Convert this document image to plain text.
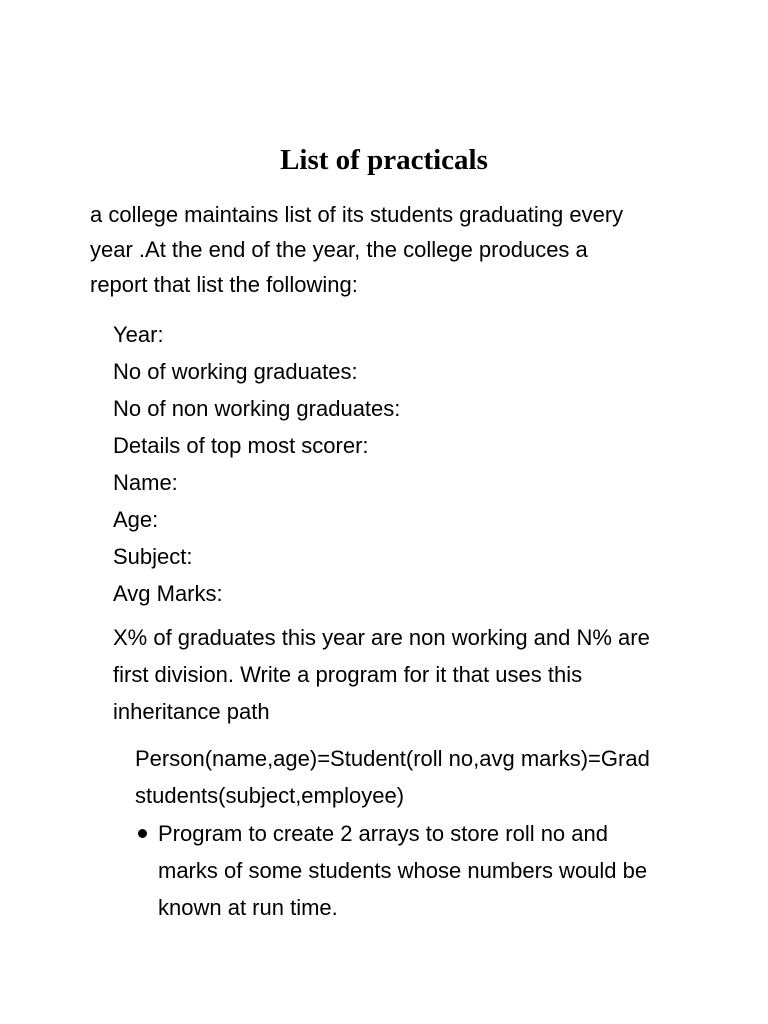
List of practicals

a college maintains list of its students graduating every
year .At the end of the year, the college produces a
report that list the following:

Year:
No of working graduates:
No of non working graduates:
Details of top most scorer:
Name:
Age:
Subject:
Avg Marks:

X% of graduates this year are non working and N% are
first division. Write a program for it that uses this
inheritance path

Person(name,age)=Student(roll no,avg marks)=Grad
students(subject,employee)

Program to create 2 arrays to store roll no and
marks of some students whose numbers would be
known at run time.
